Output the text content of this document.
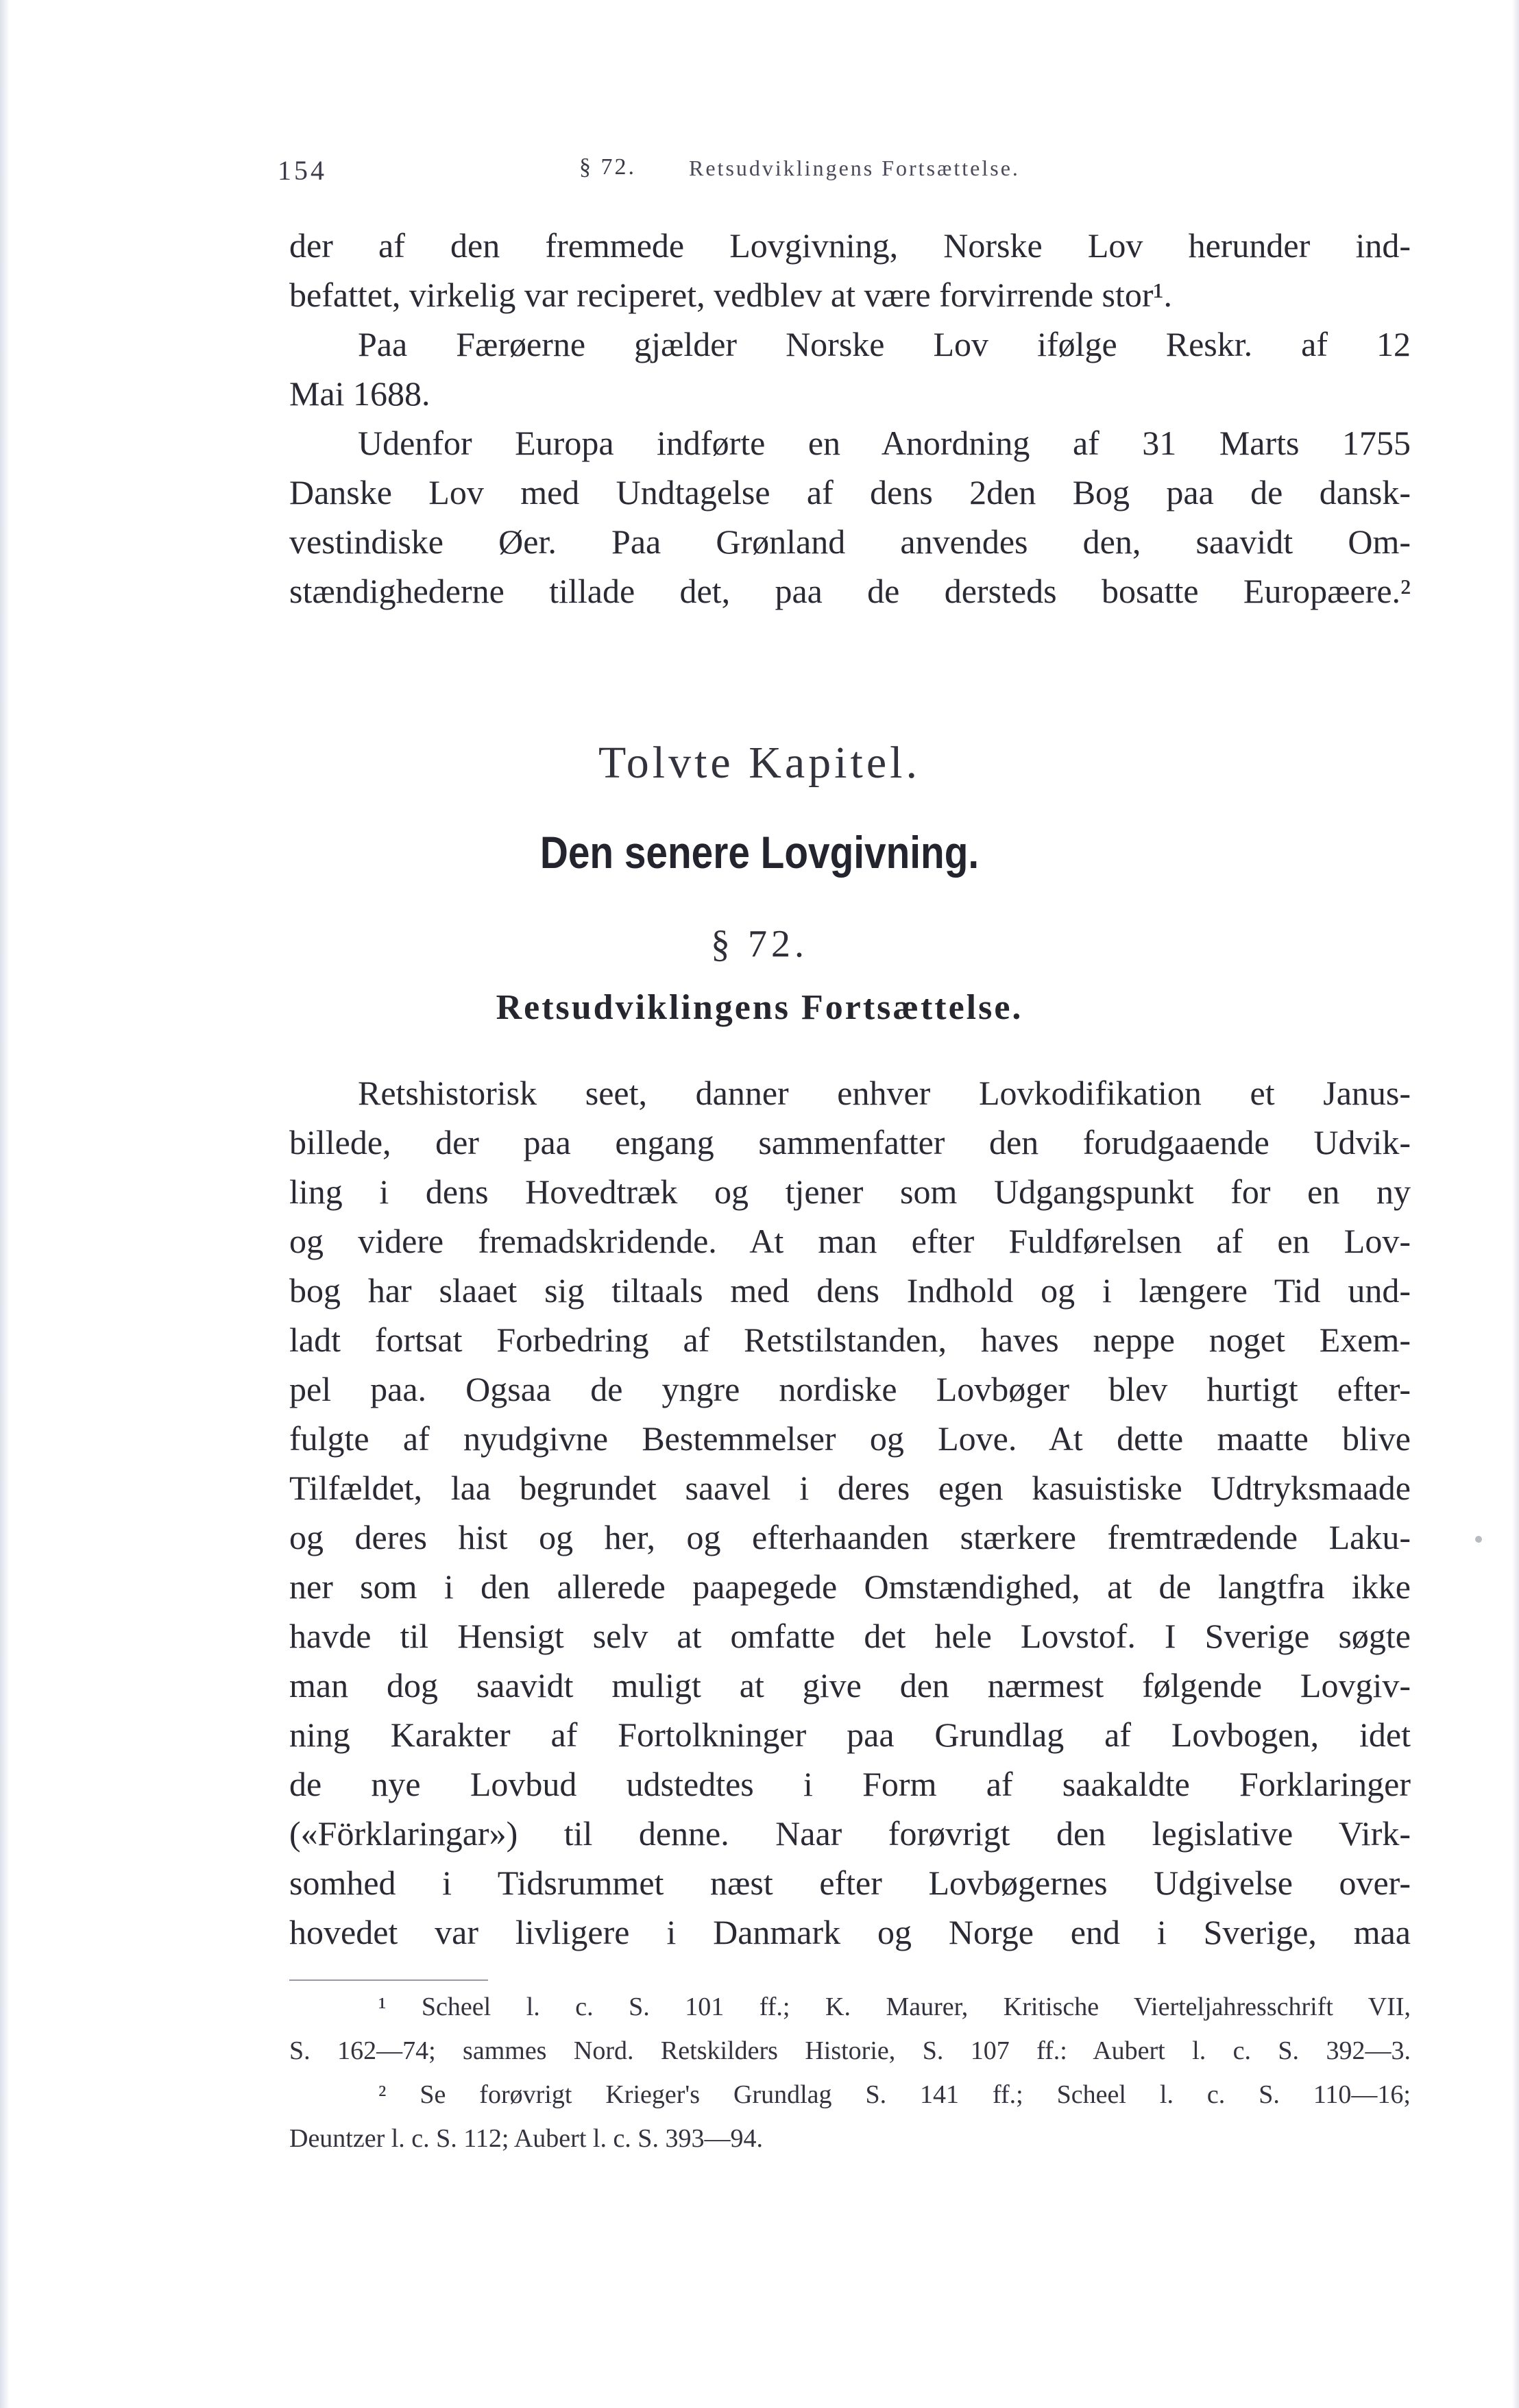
154	§ 72. Retsudviklingens Fortsættelse.
der af den fremmede Lovgivning, Norske Lov herunder ind-
befattet, virkelig var reciperet, vedblev at være forvirrende stor¹.
Paa Færøerne gjælder Norske Lov ifølge Reskr. af 12
Mai 1688.
Udenfor Europa indførte en Anordning af 31 Marts 1755
Danske Lov med Undtagelse af dens 2den Bog paa de dansk-
vestindiske Øer. Paa Grønland anvendes den, saavidt Om-
stændighederne tillade det, paa de dersteds bosatte Europæere.²
Tolvte Kapitel.
Den senere Lovgivning.
§ 72.
Retsudviklingens Fortsættelse.
Retshistorisk seet, danner enhver Lovkodifikation et Janus-
billede, der paa engang sammenfatter den forudgaaende Udvik-
ling i dens Hovedtræk og tjener som Udgangspunkt for en ny
og videre fremadskridende. At man efter Fuldførelsen af en Lov-
bog har slaaet sig tiltaals med dens Indhold og i længere Tid und-
ladt fortsat Forbedring af Retstilstanden, haves neppe noget Exem-
pel paa. Ogsaa de yngre nordiske Lovbøger blev hurtigt efter-
fulgte af nyudgivne Bestemmelser og Love. At dette maatte blive
Tilfældet, laa begrundet saavel i deres egen kasuistiske Udtryksmaade
og deres hist og her, og efterhaanden stærkere fremtrædende Laku-
ner som i den allerede paapegede Omstændighed, at de langtfra ikke
havde til Hensigt selv at omfatte det hele Lovstof. I Sverige søgte
man dog saavidt muligt at give den nærmest følgende Lovgiv-
ning Karakter af Fortolkninger paa Grundlag af Lovbogen, idet
de nye Lovbud udstedtes i Form af saakaldte Forklaringer
(«Förklaringar») til denne. Naar forøvrigt den legislative Virk-
somhed i Tidsrummet næst efter Lovbøgernes Udgivelse over-
hovedet var livligere i Danmark og Norge end i Sverige, maa
¹ Scheel l. c. S. 101 ff.; K. Maurer, Kritische Vierteljahresschrift VII,
S. 162—74; sammes Nord. Retskilders Historie, S. 107 ff.: Aubert l. c. S. 392—3.
² Se forøvrigt Krieger's Grundlag S. 141 ff.; Scheel l. c. S. 110—16;
Deuntzer l. c. S. 112; Aubert l. c. S. 393—94.
